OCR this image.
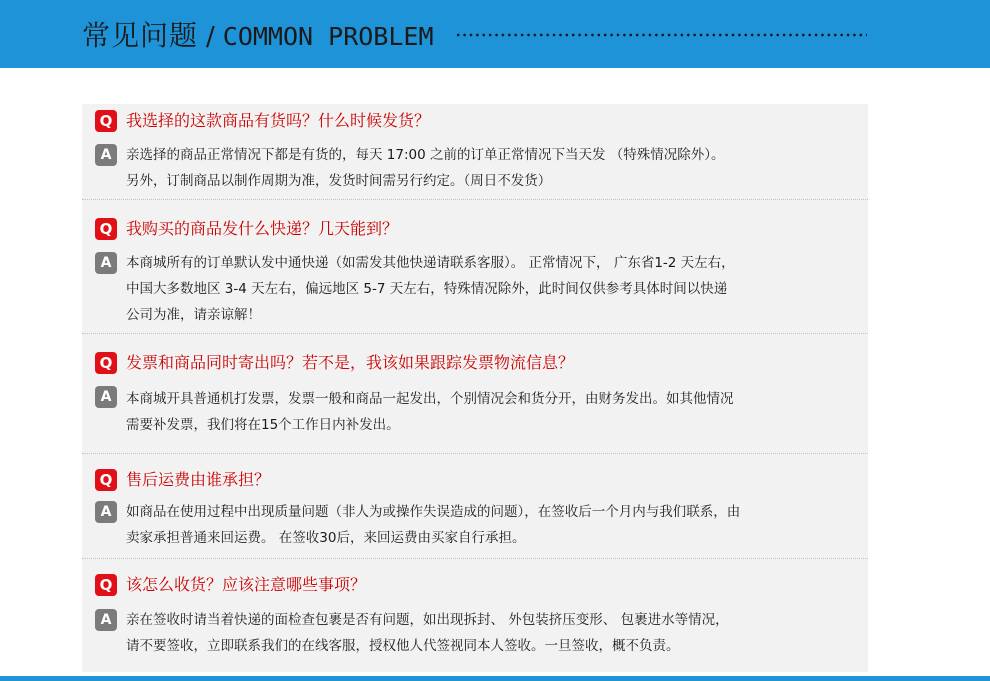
常见问题 / COMMON PROBLEM
Q 我选择的这款商品有货吗？什么时候发货？
A	亲选择的商品正常情况下都是有货的，每天 17:00 之前的订单正常情况下当天发 （特殊情况除外）。
另外，订制商品以制作周期为准，发货时间需另行约定。（周日不发货）
Q 我购买的商品发什么快递？几天能到？
A	本商城所有的订单默认发中通快递（如需发其他快递请联系客服）。 正常情况下， 广东省1-2 天左右，
中国大多数地区 3-4 天左右，偏远地区 5-7 天左右，特殊情况除外，此时间仅供参考具体时间以快递
公司为准，请亲谅解！
Q 发票和商品同时寄出吗？若不是，我该如果跟踪发票物流信息？
A	本商城开具普通机打发票，发票一般和商品一起发出，个别情况会和货分开，由财务发出。如其他情况
需要补发票，我们将在15个工作日内补发出。
Q 售后运费由谁承担？
A	如商品在使用过程中出现质量问题（非人为或操作失误造成的问题），在签收后一个月内与我们联系，由
卖家承担普通来回运费。 在签收30后，来回运费由买家自行承担。
Q 该怎么收货？应该注意哪些事项？
A	亲在签收时请当着快递的面检查包裹是否有问题，如出现拆封、 外包装挤压变形、 包裹进水等情况，
请不要签收，立即联系我们的在线客服，授权他人代签视同本人签收。一旦签收，概不负责。
